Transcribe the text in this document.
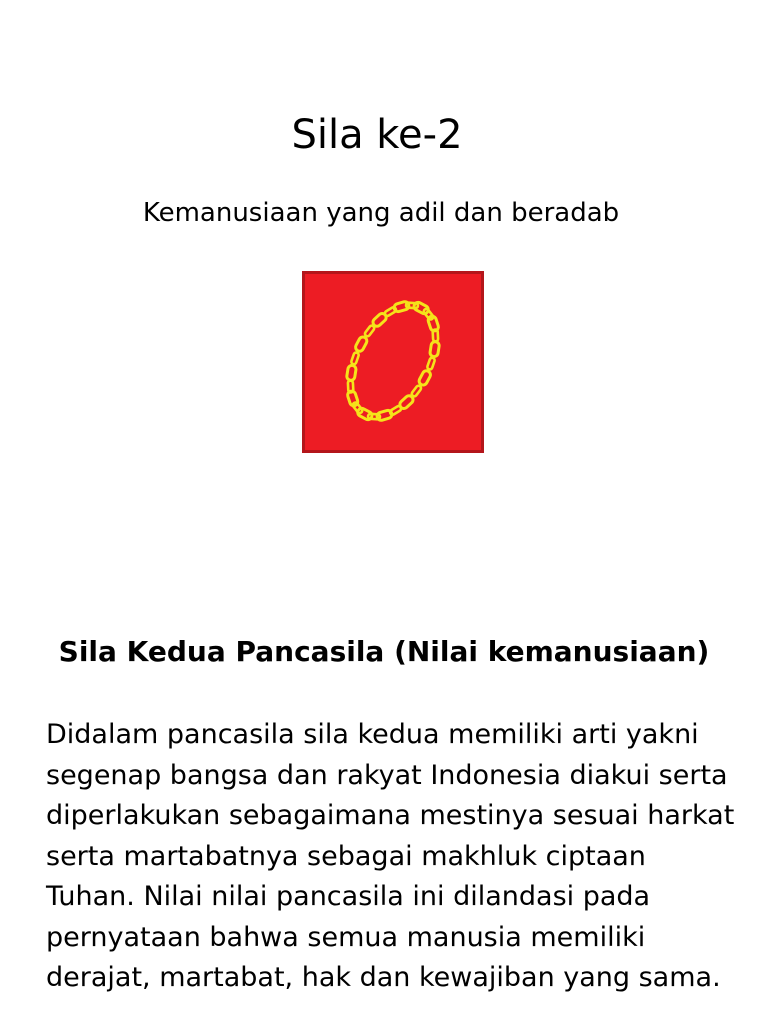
Sila ke-2

Kemanusiaan yang adil dan beradab

Sila Kedua Pancasila (Nilai kemanusiaan)

Didalam pancasila sila kedua memiliki arti yakni segenap bangsa dan rakyat Indonesia diakui serta diperlakukan sebagaimana mestinya sesuai harkat serta martabatnya sebagai makhluk ciptaan Tuhan. Nilai nilai pancasila ini dilandasi pada pernyataan bahwa semua manusia memiliki derajat, martabat, hak dan kewajiban yang sama.
